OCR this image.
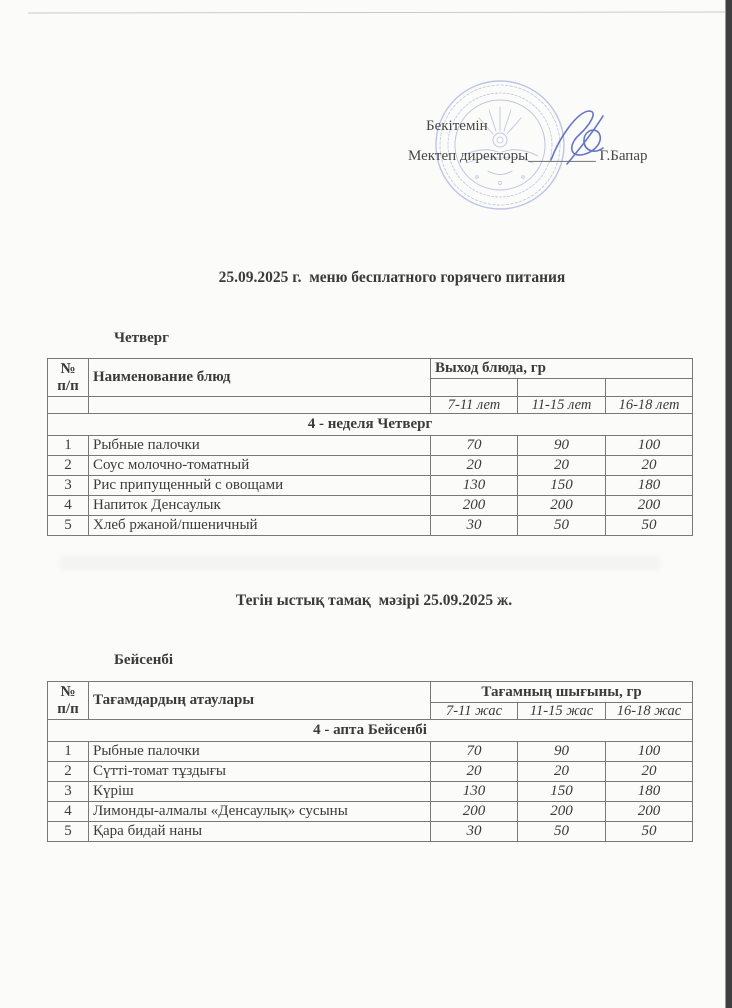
Бекітемін
Мектеп директоры_________ Г.Бапар
25.09.2025 г.  меню бесплатного горячего питания
Четверг
№
п/п	Наименование блюд	Выход блюда, гр		

		7-11 лет	11-15 лет	16-18 лет
4 - неделя Четверг				
1	Рыбные палочки	70	90	100
2	Соус молочно-томатный	20	20	20
3	Рис припущенный с овощами	130	150	180
4	Напиток Денсаулык	200	200	200
5	Хлеб ржаной/пшеничный	30	50	50
Тегін ыстық тамақ  мәзірі 25.09.2025 ж.
Бейсенбі
№
п/п	Тағамдардың атаулары	Тағамның шығыны, гр		
		7-11 жас	11-15 жас	16-18 жас
4 - апта Бейсенбі				
1	Рыбные палочки	70	90	100
2	Сүтті-томат тұздығы	20	20	20
3	Күріш	130	150	180
4	Лимонды-алмалы «Денсаулық» сусыны	200	200	200
5	Қара бидай наны	30	50	50
